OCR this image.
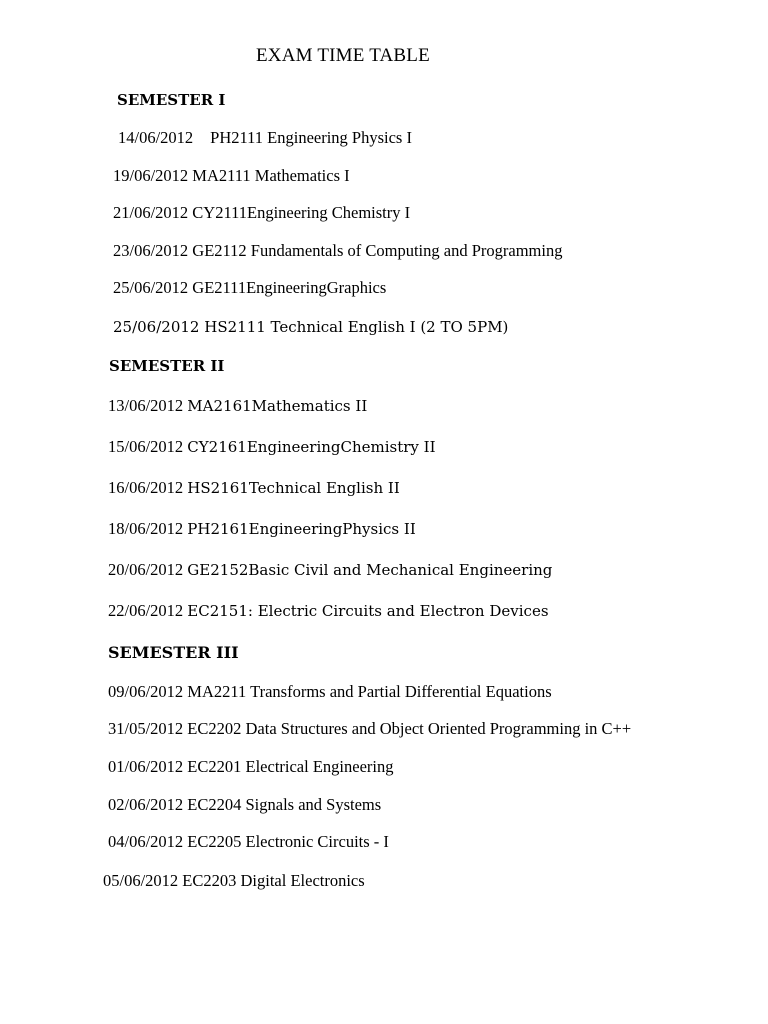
EXAM TIME TABLE
SEMESTER I
14/06/2012 PH2111 Engineering Physics I
19/06/2012 MA2111 Mathematics I
21/06/2012 CY2111Engineering Chemistry I
23/06/2012 GE2112 Fundamentals of Computing and Programming
25/06/2012 GE2111EngineeringGraphics
25/06/2012 HS2111 Technical English I (2 TO 5PM)
SEMESTER II
13/06/2012 MA2161Mathematics II
15/06/2012 CY2161EngineeringChemistry II
16/06/2012 HS2161Technical English II
18/06/2012 PH2161EngineeringPhysics II
20/06/2012 GE2152Basic Civil and Mechanical Engineering
22/06/2012 EC2151: Electric Circuits and Electron Devices
SEMESTER III
09/06/2012 MA2211 Transforms and Partial Differential Equations
31/05/2012 EC2202 Data Structures and Object Oriented Programming in C++
01/06/2012 EC2201 Electrical Engineering
02/06/2012 EC2204 Signals and Systems
04/06/2012 EC2205 Electronic Circuits - I
05/06/2012 EC2203 Digital Electronics
